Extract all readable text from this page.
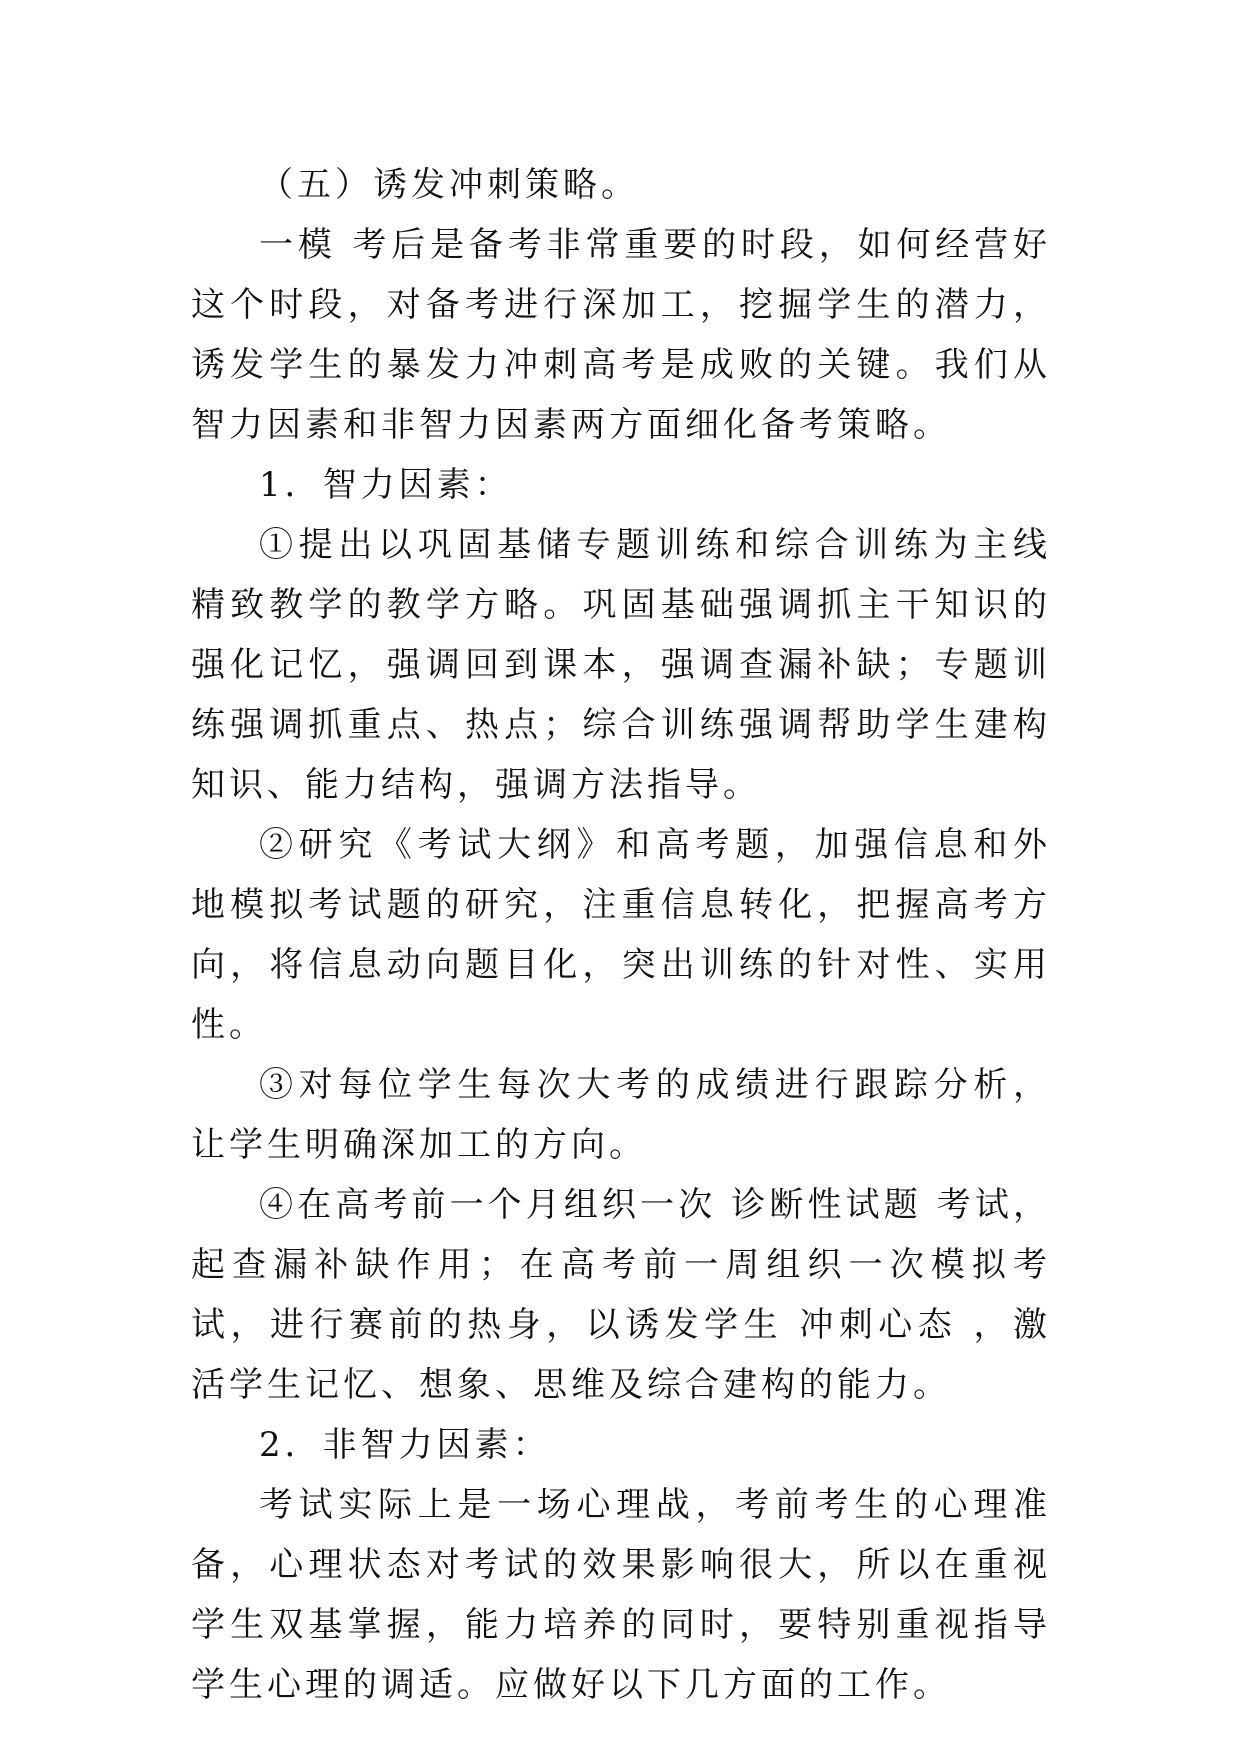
（五）诱发冲刺策略。

一模 考后是备考非常重要的时段，如何经营好这个时段，对备考进行深加工，挖掘学生的潜力，诱发学生的暴发力冲刺高考是成败的关键。我们从智力因素和非智力因素两方面细化备考策略。

1．智力因素：

①提出以巩固基储专题训练和综合训练为主线精致教学的教学方略。巩固基础强调抓主干知识的强化记忆，强调回到课本，强调查漏补缺；专题训练强调抓重点、热点；综合训练强调帮助学生建构知识、能力结构，强调方法指导。

②研究《考试大纲》和高考题，加强信息和外地模拟考试题的研究，注重信息转化，把握高考方向，将信息动向题目化，突出训练的针对性、实用性。

③对每位学生每次大考的成绩进行跟踪分析，让学生明确深加工的方向。

④在高考前一个月组织一次 诊断性试题 考试，起查漏补缺作用；在高考前一周组织一次模拟考试，进行赛前的热身，以诱发学生 冲刺心态 ，激活学生记忆、想象、思维及综合建构的能力。

2．非智力因素：

考试实际上是一场心理战，考前考生的心理准备，心理状态对考试的效果影响很大，所以在重视学生双基掌握，能力培养的同时，要特别重视指导学生心理的调适。应做好以下几方面的工作。
